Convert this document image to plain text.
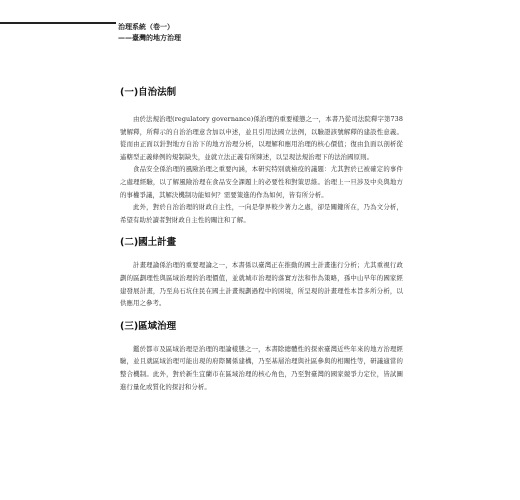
治理系統（卷一）
——臺灣的地方治理
(一)自治法制

由於法規治理(regulatory governance)係治理的重要樣態之一，本書乃從司法院釋字第738號解釋，所釋示的自治治理意含加以申述，並且引用法國立法例，以驗證該號解釋的建設性意義。從而由正面以針對地方自治下的地方治理分析，以理解和應用治理的核心價值；復由負面以剖析從遙轄型正義條例的規制缺失，並就立法正義有所陳述，以呈現法規治理下的法治國原則。

食品安全係治理的風險治理之重要內涵，本研究特別就檢疫的議題：尤其對於已被確定的事件之處理經驗，以了解風險治理在食品安全課題上的必要性和對策思維。治理上一旦涉及中央與地方的事權爭議，其解決機制功能如何？需要策進的作為如何，皆有所分析。

此外，對於自治治理的財政自主性，一向是學界較少著力之處，卻是關鍵所在，乃為文分析，希望有助於讀者對財政自主性的關注和了解。

(二)國土計畫

計畫理論係治理的重要理論之一，本書係以臺灣正在推動的國土計畫進行分析；尤其重視行政劃的區劃理性與區域治理的治理價值，並就城市治理的落實方法和作為策略，孫中山早年的國家經建發展計畫，乃至烏石坑住民在國土計畫規劃過程中的困境，所呈現的計畫理性本旨多所分析，以供應用之參考。

(三)區域治理

鑑於都市及區域治理是治理的理論樣態之一，本書除總體性的探索臺灣近些年來的地方治理經驗，並且就區域治理可能出現的府際關係建構，乃至基層治理與社區參與的相關性等，研議適當的整合機制。此外，對於新生宜蘭市在區域治理的核心角色，乃至對臺灣的國家競爭力定位，皆試圖進行量化或質化的探討和分析。
